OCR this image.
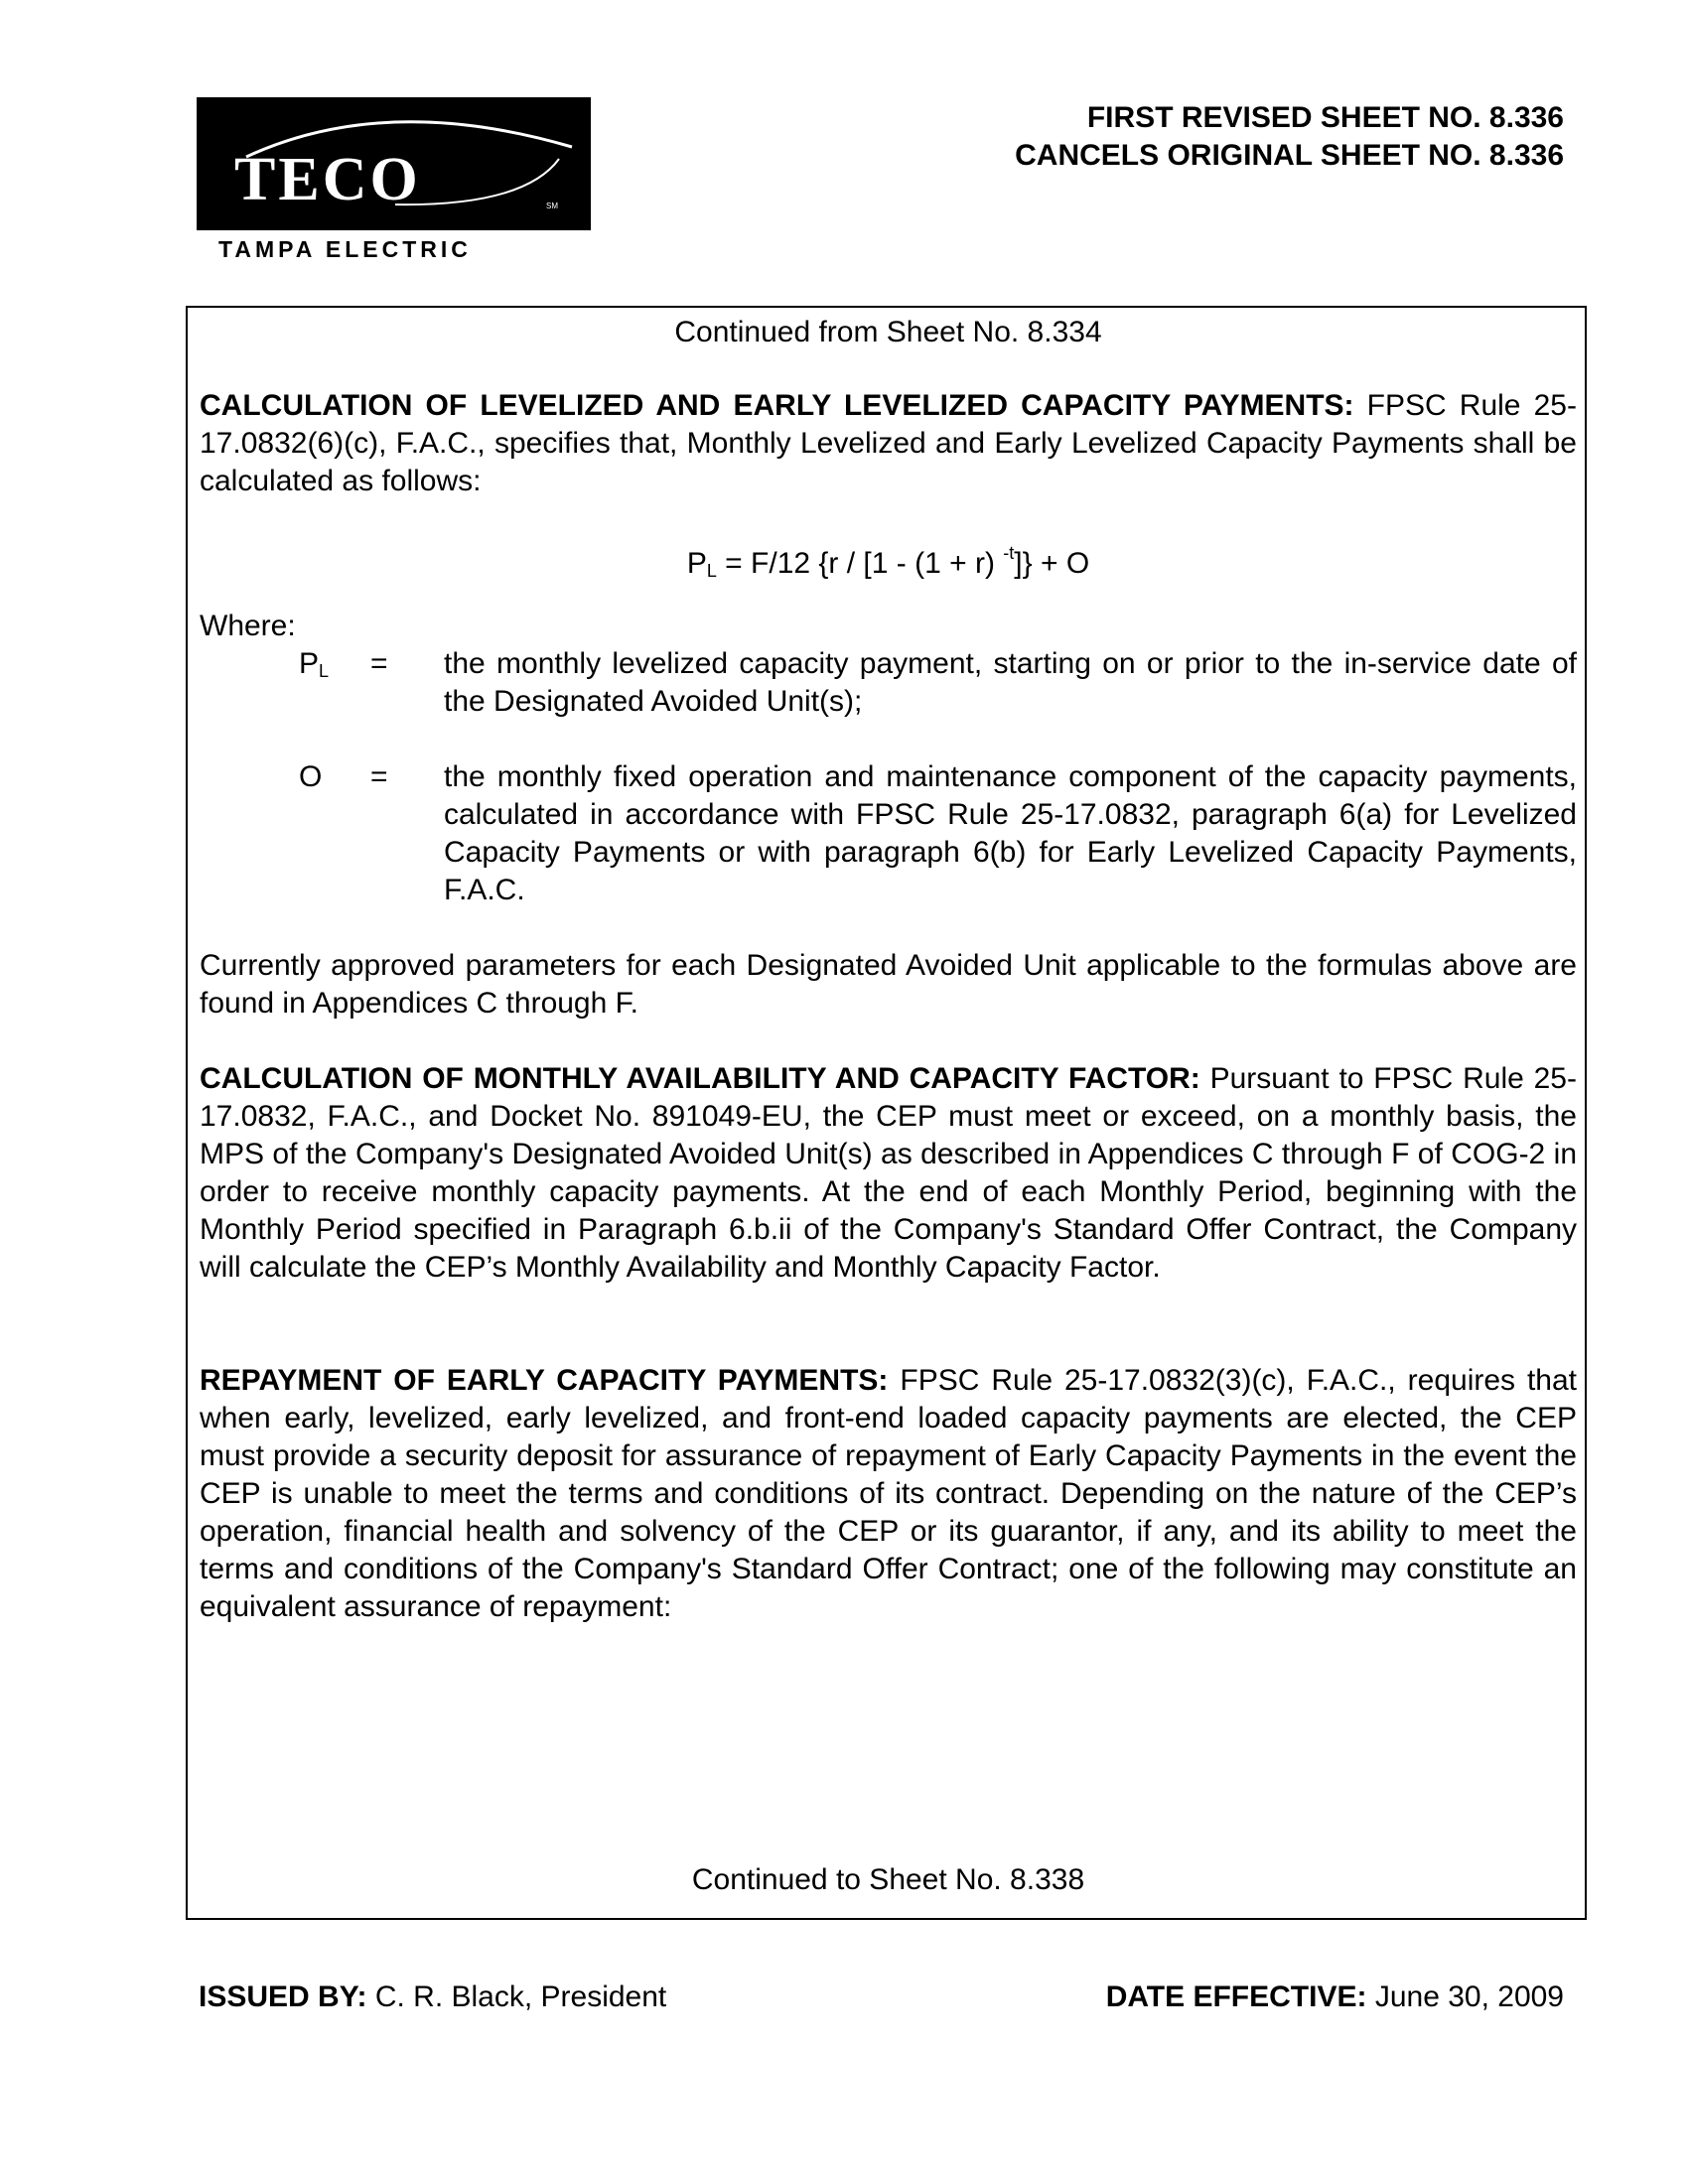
TECO	SM
TAMPA ELECTRIC
FIRST REVISED SHEET NO. 8.336
CANCELS ORIGINAL SHEET NO. 8.336
Continued from Sheet No. 8.334

CALCULATION OF LEVELIZED AND EARLY LEVELIZED CAPACITY PAYMENTS: FPSC Rule 25-17.0832(6)(c), F.A.C., specifies that, Monthly Levelized and Early Levelized Capacity Payments shall be calculated as follows:

$P_L = F/12$ {r / [1 - (1 + r) $^{-t}$]} + O
Where:
$P_L$ = the monthly levelized capacity payment, starting on or prior to the in-service date of the Designated Avoided Unit(s);
O = the monthly fixed operation and maintenance component of the capacity payments, calculated in accordance with FPSC Rule 25-17.0832, paragraph 6(a) for Levelized Capacity Payments or with paragraph 6(b) for Early Levelized Capacity Payments, F.A.C.

Currently approved parameters for each Designated Avoided Unit applicable to the formulas above are found in Appendices C through F.

CALCULATION OF MONTHLY AVAILABILITY AND CAPACITY FACTOR: Pursuant to FPSC Rule 25-17.0832, F.A.C., and Docket No. 891049-EU, the CEP must meet or exceed, on a monthly basis, the MPS of the Company's Designated Avoided Unit(s) as described in Appendices C through F of COG-2 in order to receive monthly capacity payments. At the end of each Monthly Period, beginning with the Monthly Period specified in Paragraph 6.b.ii of the Company's Standard Offer Contract, the Company will calculate the CEP’s Monthly Availability and Monthly Capacity Factor.

REPAYMENT OF EARLY CAPACITY PAYMENTS: FPSC Rule 25-17.0832(3)(c), F.A.C., requires that when early, levelized, early levelized, and front-end loaded capacity payments are elected, the CEP must provide a security deposit for assurance of repayment of Early Capacity Payments in the event the CEP is unable to meet the terms and conditions of its contract. Depending on the nature of the CEP’s operation, financial health and solvency of the CEP or its guarantor, if any, and its ability to meet the terms and conditions of the Company's Standard Offer Contract; one of the following may constitute an equivalent assurance of repayment:

Continued to Sheet No. 8.338
ISSUED BY: C. R. Black, President	DATE EFFECTIVE: June 30, 2009
